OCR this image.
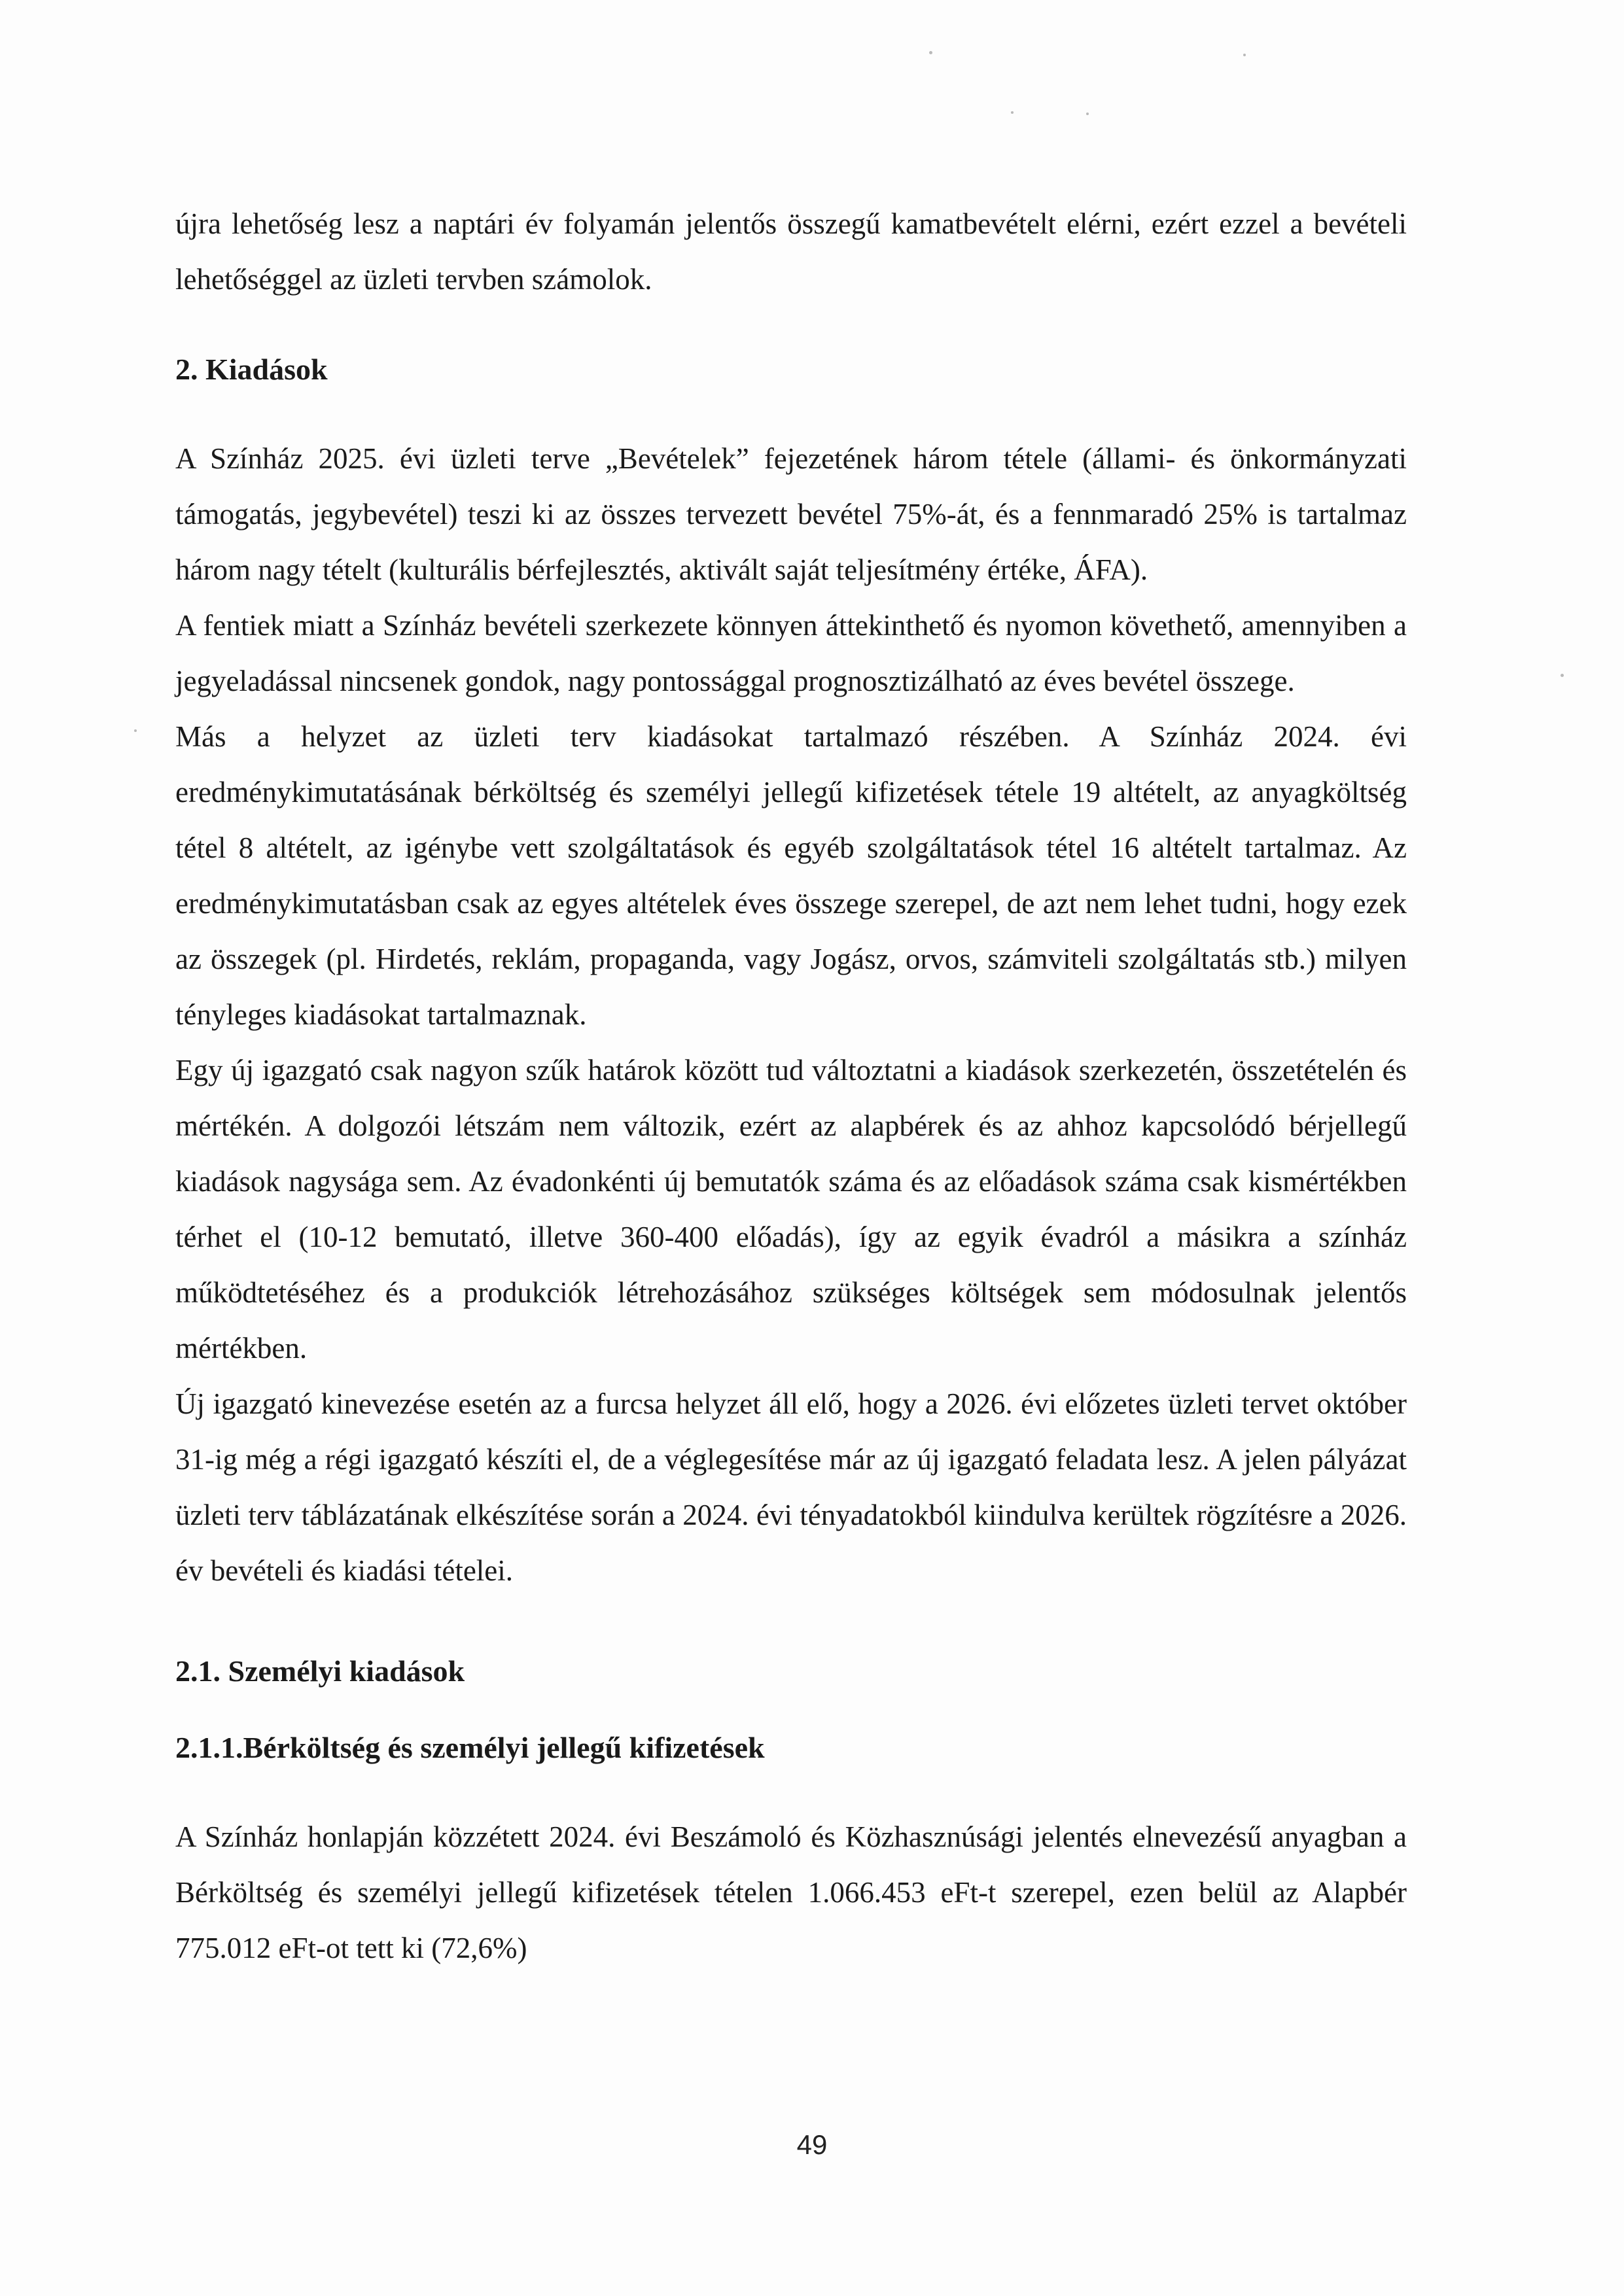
újra lehetőség lesz a naptári év folyamán jelentős összegű kamatbevételt elérni, ezért ezzel a bevételi lehetőséggel az üzleti tervben számolok.

2. Kiadások

A Színház 2025. évi üzleti terve „Bevételek” fejezetének három tétele (állami- és önkormányzati támogatás, jegybevétel) teszi ki az összes tervezett bevétel 75%-át, és a fennmaradó 25% is tartalmaz három nagy tételt (kulturális bérfejlesztés, aktivált saját teljesítmény értéke, ÁFA).

A fentiek miatt a Színház bevételi szerkezete könnyen áttekinthető és nyomon követhető, amennyiben a jegyeladással nincsenek gondok, nagy pontossággal prognosztizálható az éves bevétel összege.

Más a helyzet az üzleti terv kiadásokat tartalmazó részében. A Színház 2024. évi eredménykimutatásának bérköltség és személyi jellegű kifizetések tétele 19 altételt, az anyagköltség tétel 8 altételt, az igénybe vett szolgáltatások és egyéb szolgáltatások tétel 16 altételt tartalmaz. Az eredménykimutatásban csak az egyes altételek éves összege szerepel, de azt nem lehet tudni, hogy ezek az összegek (pl. Hirdetés, reklám, propaganda, vagy Jogász, orvos, számviteli szolgáltatás stb.) milyen tényleges kiadásokat tartalmaznak.

Egy új igazgató csak nagyon szűk határok között tud változtatni a kiadások szerkezetén, összetételén és mértékén. A dolgozói létszám nem változik, ezért az alapbérek és az ahhoz kapcsolódó bérjellegű kiadások nagysága sem. Az évadonkénti új bemutatók száma és az előadások száma csak kismértékben térhet el (10-12 bemutató, illetve 360-400 előadás), így az egyik évadról a másikra a színház működtetéséhez és a produkciók létrehozásához szükséges költségek sem módosulnak jelentős mértékben.

Új igazgató kinevezése esetén az a furcsa helyzet áll elő, hogy a 2026. évi előzetes üzleti tervet október 31-ig még a régi igazgató készíti el, de a véglegesítése már az új igazgató feladata lesz. A jelen pályázat üzleti terv táblázatának elkészítése során a 2024. évi tényadatokból kiindulva kerültek rögzítésre a 2026. év bevételi és kiadási tételei.

2.1. Személyi kiadások
2.1.1.Bérköltség és személyi jellegű kifizetések

A Színház honlapján közzétett 2024. évi Beszámoló és Közhasznúsági jelentés elnevezésű anyagban a Bérköltség és személyi jellegű kifizetések tételen 1.066.453 eFt-t szerepel, ezen belül az Alapbér 775.012 eFt-ot tett ki (72,6%)

49
